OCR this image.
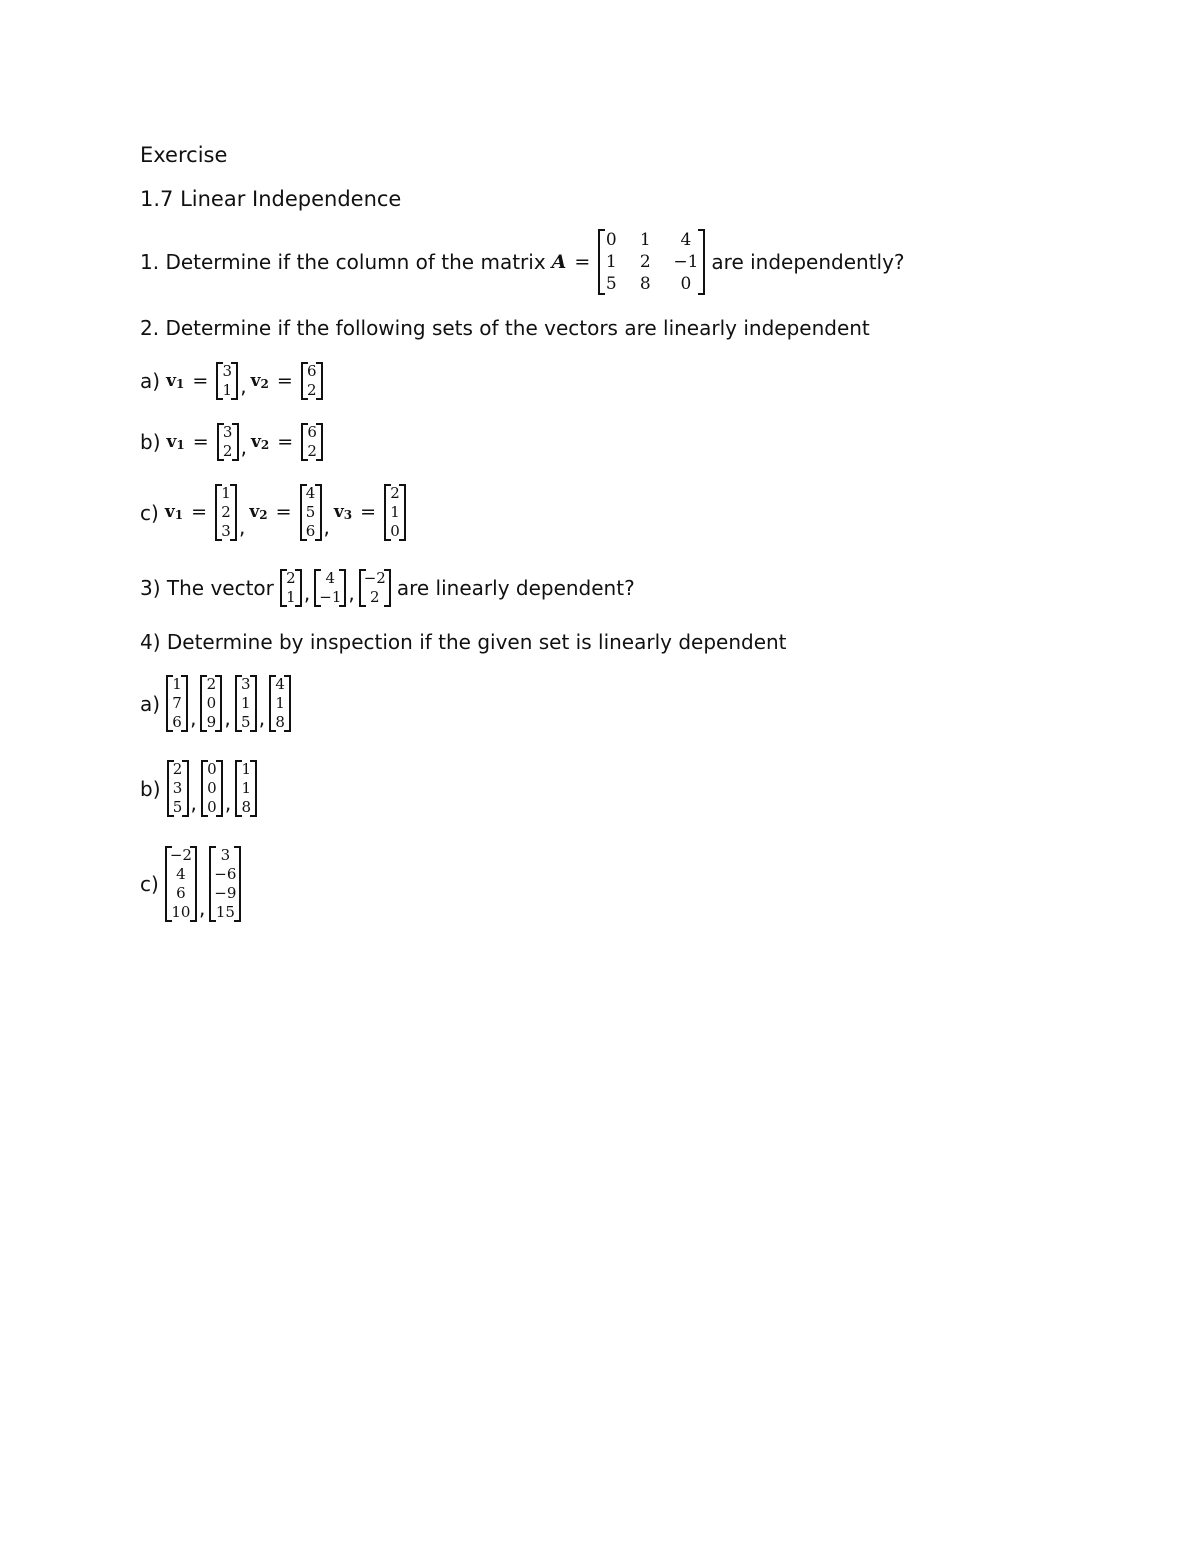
Exercise
1.7 Linear Independence
1. Determine if the column of the matrix A =
0
1
5
1
2
8
4
−1
0
are independently?
2. Determine if the following sets of the vectors are linearly independent
a) $v_1 = 3$
1 , $v_2 = 6$
2
b) $v_1 = 3$
2 , $v_2 = 6$
2
c) $v_1$ =
1
2
3 ,
$v_2$ =
4
5
6 ,
$v_3$ =
2
1
0
3) The vector 2
1 ,
4
−1 ,
−2
2 are linearly dependent?
4) Determine by inspection if the given set is linearly dependent
a)
1
7
6 ,
2
0
9 ,
3
1
5 ,
4
1
8
b)
2
3
5 ,
0
0
0 ,
1
1
8
c)
−2
4
6
10 ,
3
−6
−9
15
